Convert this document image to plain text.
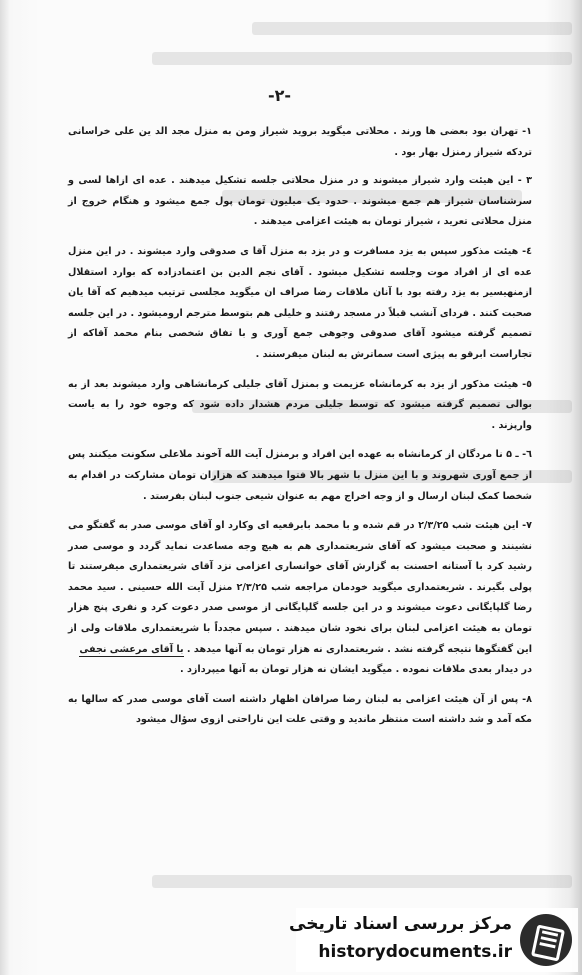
-۲-

۱- تهران بود بعضی ها ورند . محلاتی میگوید بروید شیراز ومن به منزل مجد الد ین علی خراسانی تردکه شیراز رمنزل بهار بود .

۳ - این هیئت وارد شیراز میشوند و در منزل محلاتی جلسه تشکیل میدهند . عده ای ازاها لسی و سرشناسان شیراز هم جمع میشوند . حدود یک میلیون تومان پول جمع میشود و هنگام خروج از منزل محلاتی تعرید ، شیراز تومان به هیئت اعزامی میدهند .

٤- هیئت مذکور سپس به یزد مسافرت و در یزد به منزل آقا ی صدوقی وارد میشوند . در این منزل عده ای از افراد موت وجلسه تشکیل میشود . آقای نجم الدین بن اعتمادزاده که بوارد استقلال ازمنهیسیر به یزد رفته بود با آنان ملاقات رضا صراف ان میگوید مجلسی ترتیب میدهیم که آقا یان صحبت کنند . فردای آنشب قبلاً در مسجد رفتند و خلیلی هم بتوسط مترجم ارومیشود . در این جلسه تصمیم گرفته میشود آقای صدوقی وجوهی جمع آوری و با تفاق شخصی بنام محمد آقاکه از تجاراست ابرقو به پیژی است سماترش به لبنان میفرستند .

٥- هیئت مذکور از یزد به کرمانشاه عزیمت و بمنزل آقای جلیلی کرمانشاهی وارد میشوند بعد از به بوالی تصمیم گرفته میشود که توسط جلیلی مردم هشدار داده شود که وجوه خود را به یاست وارپزند .

٦- ـ ۵ نا مردگان از کرمانشاه به عهده این افراد و برمنزل آیت الله آخوند ملاعلی سکونت میکنند پس از جمع آوری شهروند و با این منزل با شهر بالا فتوا میدهند که هزاران تومان مشارکت در اقدام به شخصا کمک لبنان ارسال و از وجه اخراج مهم به عنوان شیعی جنوب لبنان بفرستد .

٧- این هیئت شب ۲/۳/۲۵ در قم شده و با محمد بابرقعیه ای وکارد او آقای موسی صدر به گفتگو می نشینند و صحبت میشود که آقای شریعتمداری هم به هیچ وجه مساعدت نماید گردد و موسی صدر رشید کرد با آستانه احسنت به گزارش آقای خوانساری اعزامی نزد آقای شریعتمداری میفرستند تا پولی بگیرند . شریعتمداری میگوید خودمان مراجعه شب ۲/۳/۲۵ منزل آیت الله حسینی . سید محمد رضا گلپایگانی دعوت میشوند و در این جلسه گلپایگانی از موسی صدر دعوت کرد و نفری پنج هزار تومان به هیئت اعزامی لبنان برای نخود شان میدهند . سپس مجدداً با شریعتمداری ملاقات ولی از این گفتگوها نتیجه گرفته نشد . شریعتمداری نه هزار تومان به آنها میدهد . با آقای مرعشی نجفی

در دیدار بعدی ملاقات نموده . میگوید ایشان نه هزار تومان به آنها میپردازد .

٨- پس از آن هیئت اعزامی به لبنان رضا صرافان اظهار داشته است آقای موسی صدر که سالها به مکه آمد و شد داشته است منتظر ماندید و وقتی علت این ناراحتی ازوی سؤال میشود

مرکز بررسی اسناد تاریخی
historydocuments.ir
